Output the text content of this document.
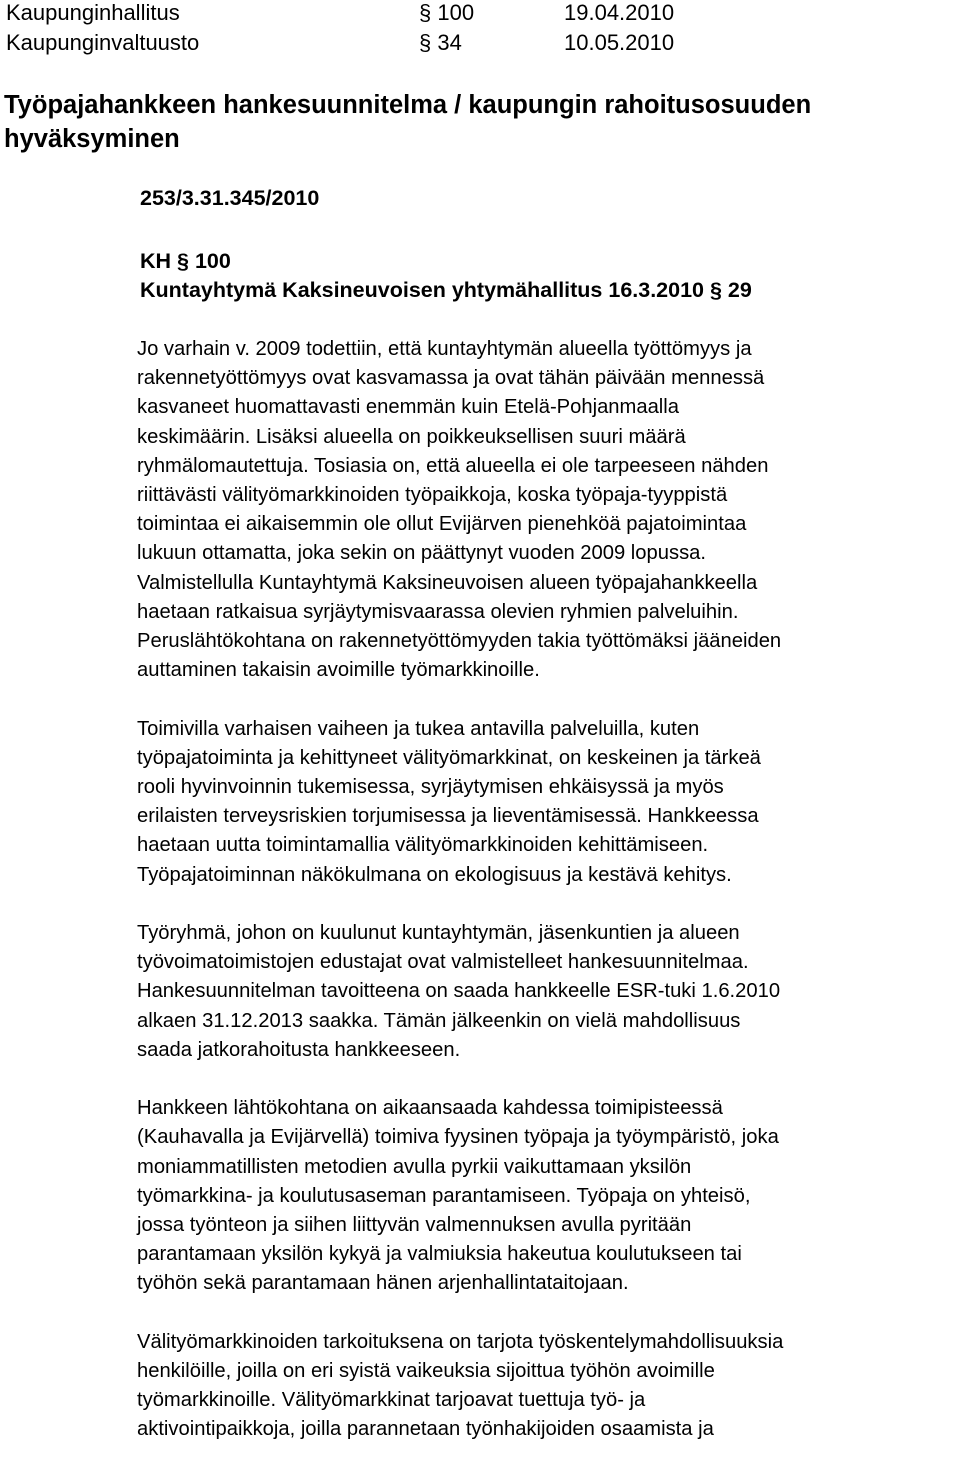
Kaupunginhallitus	§ 100	19.04.2010
Kaupunginvaltuusto	§ 34	10.05.2010
Työpajahankkeen hankesuunnitelma / kaupungin rahoitusosuuden
hyväksyminen
253/3.31.345/2010
KH § 100
Kuntayhtymä Kaksineuvoisen yhtymähallitus 16.3.2010 § 29

Jo varhain v. 2009 todettiin, että kuntayhtymän alueella työttömyys ja
rakennetyöttömyys ovat kasvamassa ja ovat tähän päivään mennessä
kasvaneet huomattavasti enemmän kuin Etelä-Pohjanmaalla
keskimäärin. Lisäksi alueella on poikkeuksellisen suuri määrä
ryhmälomautettuja. Tosiasia on, että alueella ei ole tarpeeseen nähden
riittävästi välityömarkkinoiden työpaikkoja, koska työpaja-tyyppistä
toimintaa ei aikaisemmin ole ollut Evijärven pienehköä pajatoimintaa
lukuun ottamatta, joka sekin on päättynyt vuoden 2009 lopussa.
Valmistellulla Kuntayhtymä Kaksineuvoisen alueen työpajahankkeella
haetaan ratkaisua syrjäytymisvaarassa olevien ryhmien palveluihin.
Peruslähtökohtana on rakennetyöttömyyden takia työttömäksi jääneiden
auttaminen takaisin avoimille työmarkkinoille.

Toimivilla varhaisen vaiheen ja tukea antavilla palveluilla, kuten
työpajatoiminta ja kehittyneet välityömarkkinat, on keskeinen ja tärkeä
rooli hyvinvoinnin tukemisessa, syrjäytymisen ehkäisyssä ja myös
erilaisten terveysriskien torjumisessa ja lieventämisessä. Hankkeessa
haetaan uutta toimintamallia välityömarkkinoiden kehittämiseen.
Työpajatoiminnan näkökulmana on ekologisuus ja kestävä kehitys.

Työryhmä, johon on kuulunut kuntayhtymän, jäsenkuntien ja alueen
työvoimatoimistojen edustajat ovat valmistelleet hankesuunnitelmaa.
Hankesuunnitelman tavoitteena on saada hankkeelle ESR-tuki 1.6.2010
alkaen 31.12.2013 saakka. Tämän jälkeenkin on vielä mahdollisuus
saada jatkorahoitusta hankkeeseen.

Hankkeen lähtökohtana on aikaansaada kahdessa toimipisteessä
(Kauhavalla ja Evijärvellä) toimiva fyysinen työpaja ja työympäristö, joka
moniammatillisten metodien avulla pyrkii vaikuttamaan yksilön
työmarkkina- ja koulutusaseman parantamiseen. Työpaja on yhteisö,
jossa työnteon ja siihen liittyvän valmennuksen avulla pyritään
parantamaan yksilön kykyä ja valmiuksia hakeutua koulutukseen tai
työhön sekä parantamaan hänen arjenhallintataitojaan.

Välityömarkkinoiden tarkoituksena on tarjota työskentelymahdollisuuksia
henkilöille, joilla on eri syistä vaikeuksia sijoittua työhön avoimille
työmarkkinoille. Välityömarkkinat tarjoavat tuettuja työ- ja
aktivointipaikkoja, joilla parannetaan työnhakijoiden osaamista ja
